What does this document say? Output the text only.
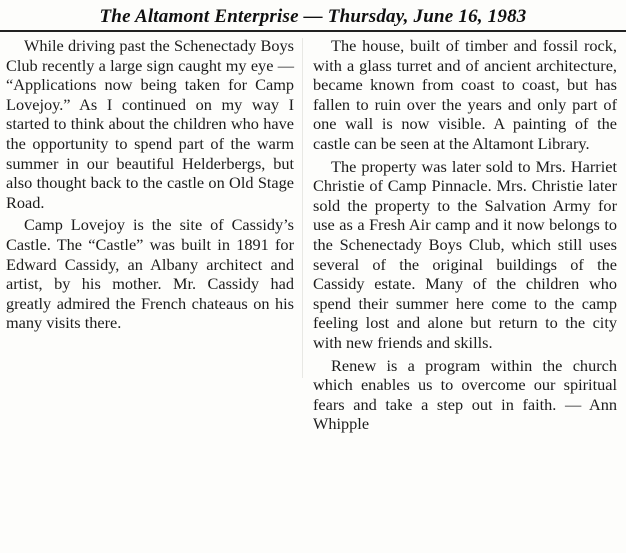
The Altamont Enterprise — Thursday, June 16, 1983

While driving past the Schenectady Boys Club recently a large sign caught my eye — “Applications now being taken for Camp Lovejoy.” As I continued on my way I started to think about the children who have the opportunity to spend part of the warm summer in our beautiful Helderbergs, but also thought back to the castle on Old Stage Road.

Camp Lovejoy is the site of Cassidy’s Castle. The “Castle” was built in 1891 for Edward Cassidy, an Albany architect and artist, by his mother. Mr. Cassidy had greatly admired the French chateaus on his many visits there.

The house, built of timber and fossil rock, with a glass turret and of ancient architecture, became known from coast to coast, but has fallen to ruin over the years and only part of one wall is now visible. A painting of the castle can be seen at the Altamont Library.

The property was later sold to Mrs. Harriet Christie of Camp Pinnacle. Mrs. Christie later sold the property to the Salvation Army for use as a Fresh Air camp and it now belongs to the Schenectady Boys Club, which still uses several of the original buildings of the Cassidy estate. Many of the children who spend their summer here come to the camp feeling lost and alone but return to the city with new friends and skills.

Renew is a program within the church which enables us to overcome our spiritual fears and take a step out in faith. — Ann Whipple
